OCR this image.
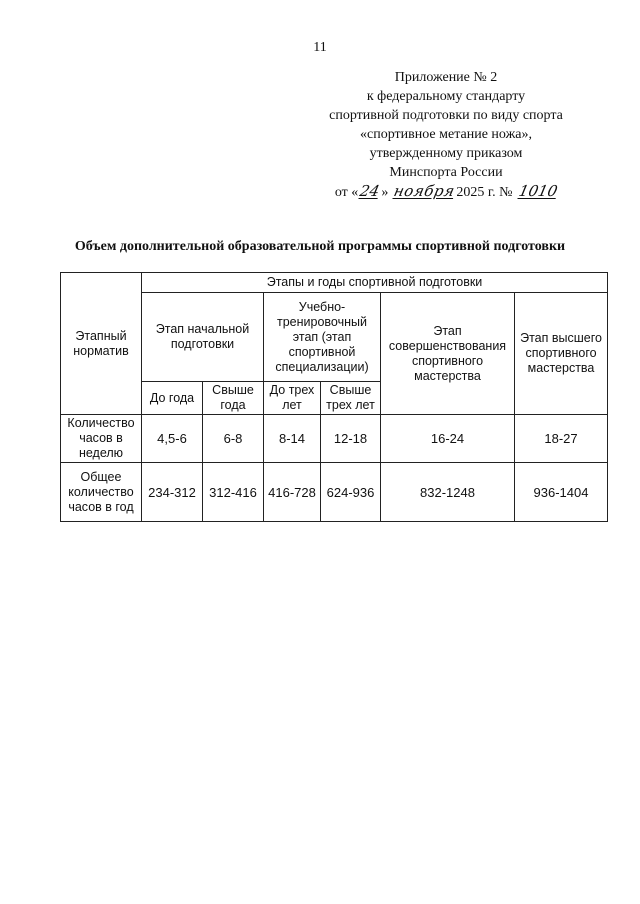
11
Приложение № 2
к федеральному стандарту
спортивной подготовки по виду спорта
«спортивное метание ножа»,
утвержденному приказом
Минспорта России
от «24» ноября2025 г. № 1010
Объем дополнительной образовательной программы спортивной подготовки
Этапный норматив	Этапы и годы спортивной подготовки					
	Этап начальной подготовки		Учебно-тренировочный этап (этап спортивной специализации)		Этап совершенствования спортивного мастерства	Этап высшего спортивного мастерства
	До года	Свыше года	До трех лет	Свыше трех лет		
Количество часов в неделю	4,5-6	6-8	8-14	12-18	16-24	18-27
Общее количество часов в год	234-312	312-416	416-728	624-936	832-1248	936-1404
